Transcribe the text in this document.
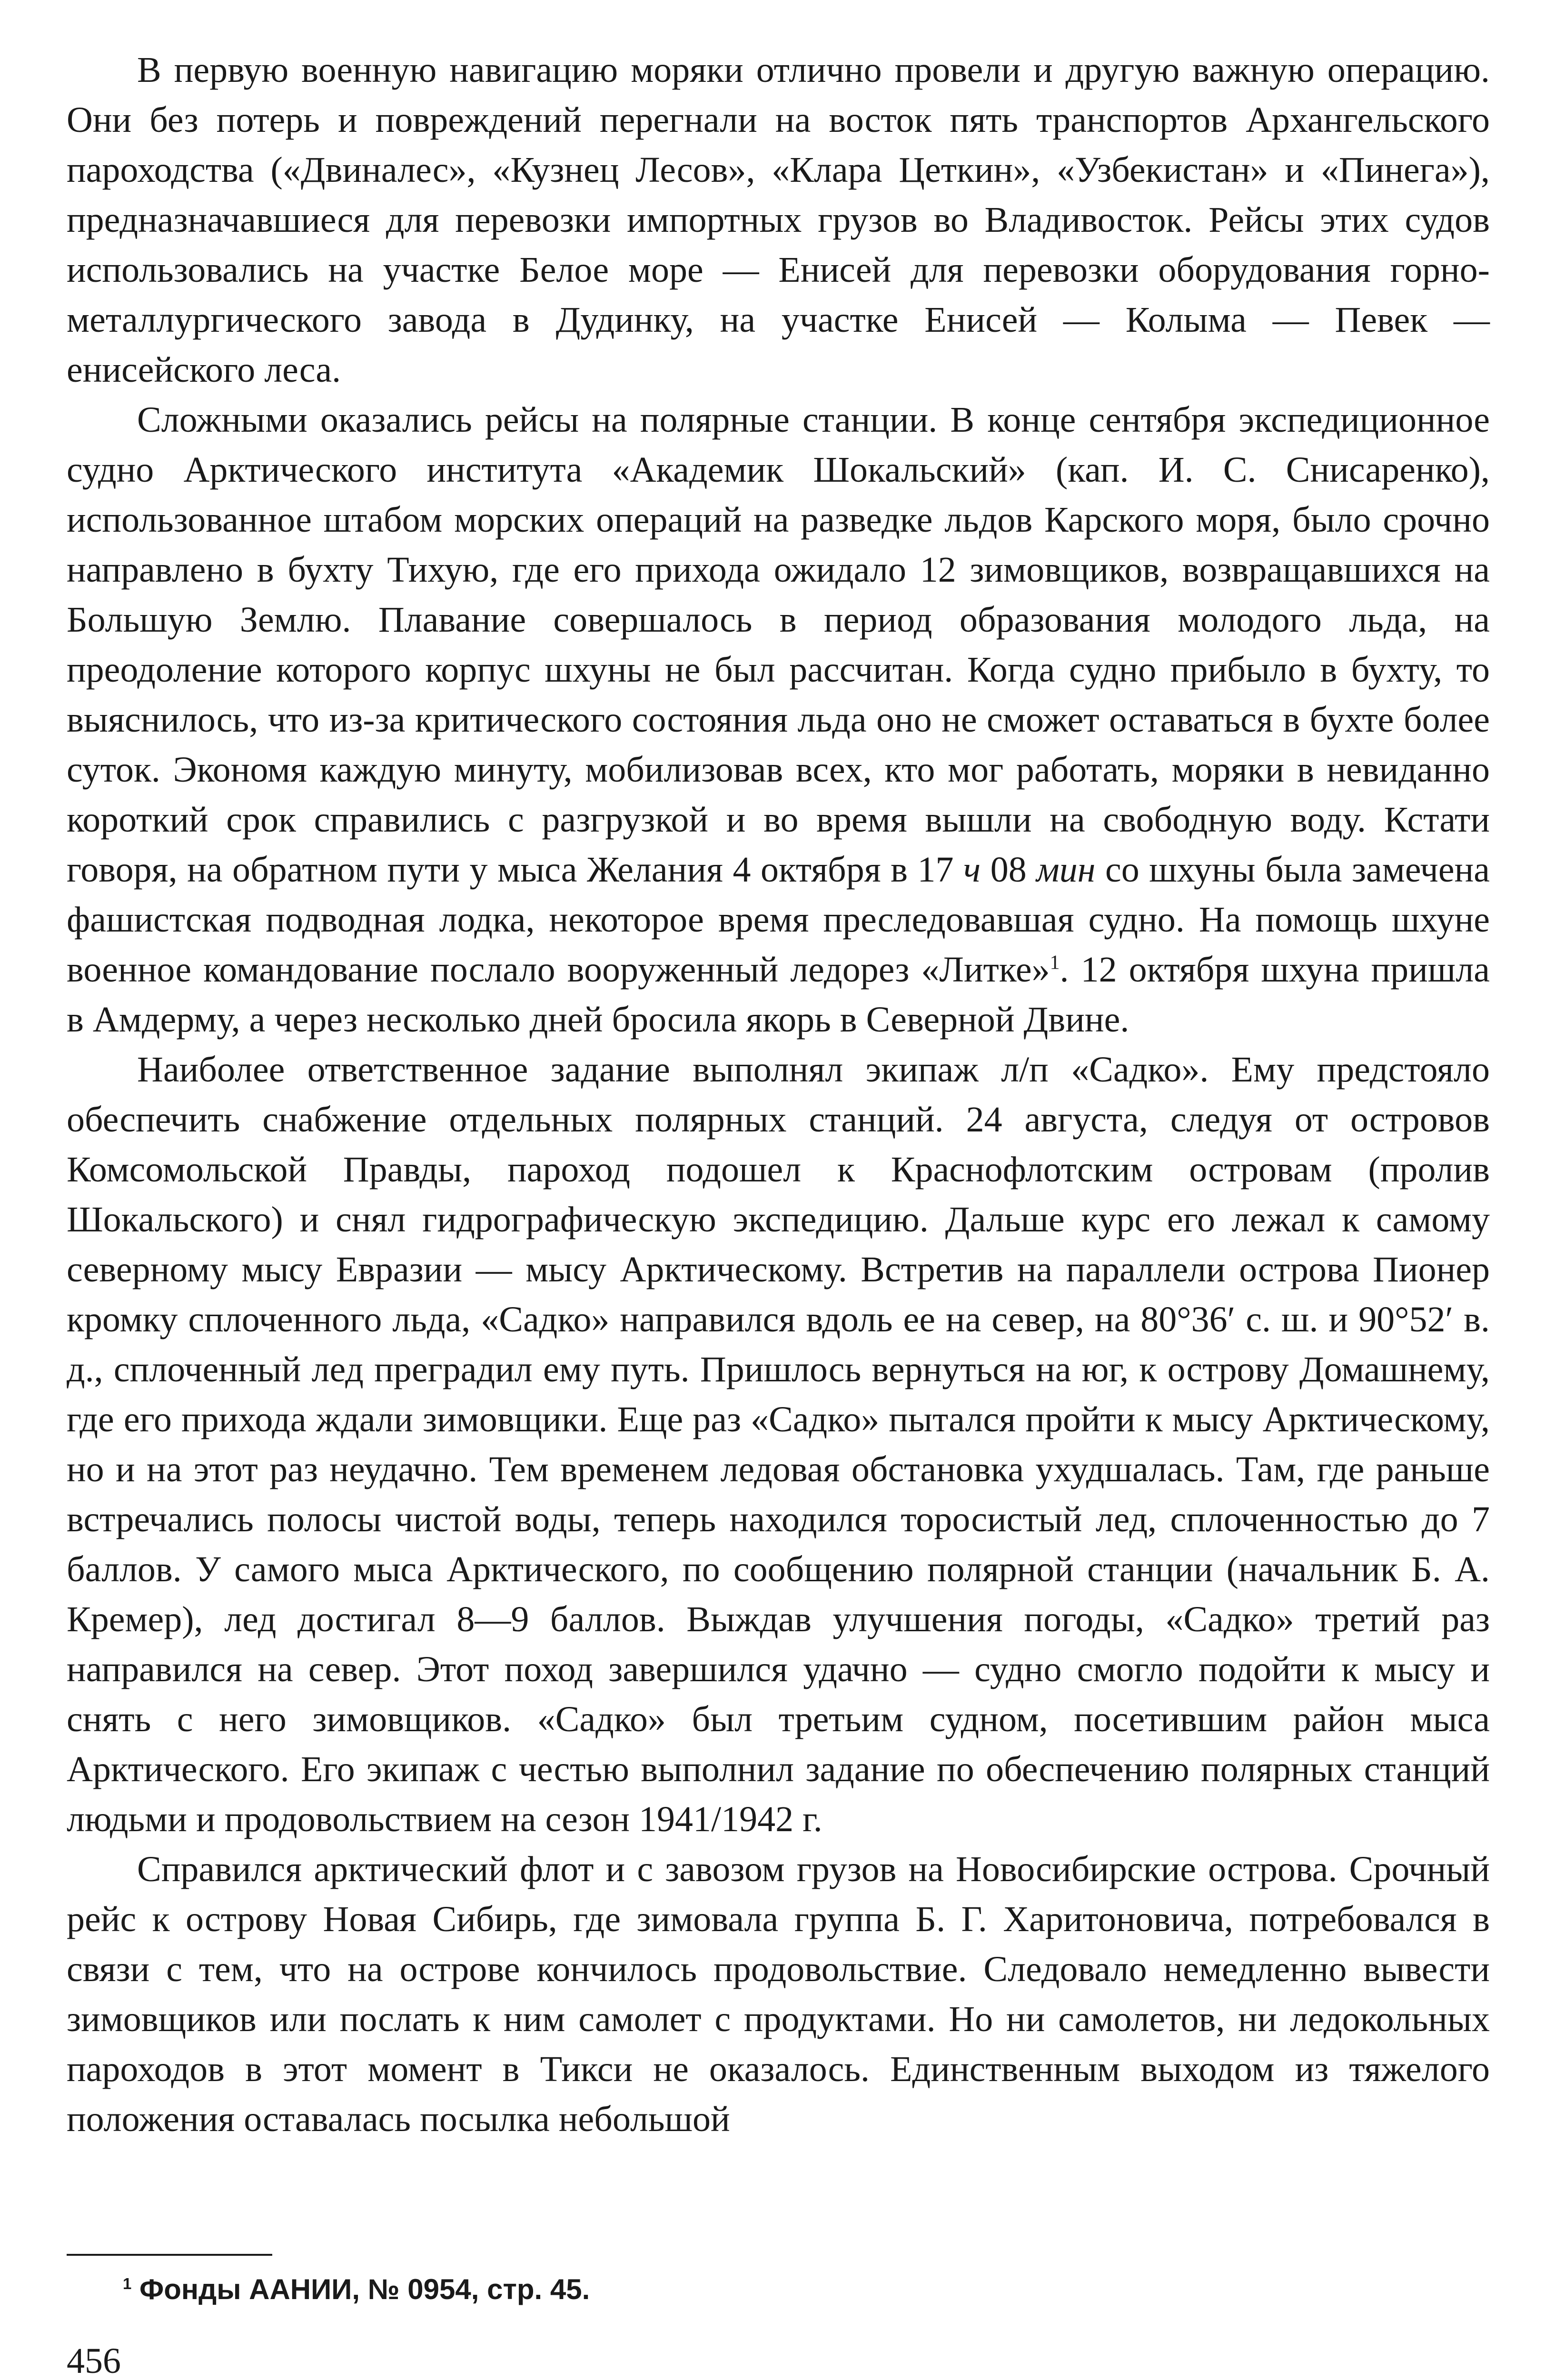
В первую военную навигацию моряки отлично провели и другую важную операцию. Они без потерь и повреждений перегнали на восток пять транспортов Архангельского пароходства («Двиналес», «Кузнец Лесов», «Клара Цеткин», «Узбекистан» и «Пинега»), предназначавшиеся для перевозки импортных грузов во Владивосток. Рейсы этих судов использовались на участке Белое море — Енисей для перевозки оборудования горно-металлургического завода в Дудинку, на участке Енисей — Колыма — Певек — енисейского леса.

Сложными оказались рейсы на полярные станции. В конце сентября экспедиционное судно Арктического института «Академик Шокальский» (кап. И. С. Снисаренко), использованное штабом морских операций на разведке льдов Карского моря, было срочно направлено в бухту Тихую, где его прихода ожидало 12 зимовщиков, возвращавшихся на Большую Землю. Плавание совершалось в период образования молодого льда, на преодоление которого корпус шхуны не был рассчитан. Когда судно прибыло в бухту, то выяснилось, что из-за критического состояния льда оно не сможет оставаться в бухте более суток. Экономя каждую минуту, мобилизовав всех, кто мог работать, моряки в невиданно короткий срок справились с разгрузкой и во время вышли на свободную воду. Кстати говоря, на обратном пути у мыса Желания 4 октября в 17 ч 08 мин со шхуны была замечена фашистская подводная лодка, некоторое время преследовавшая судно. На помощь шхуне военное командование послало вооруженный ледорез «Литке»$^1$. 12 октября шхуна пришла в Амдерму, а через несколько дней бросила якорь в Северной Двине.

Наиболее ответственное задание выполнял экипаж л/п «Садко». Ему предстояло обеспечить снабжение отдельных полярных станций. 24 августа, следуя от островов Комсомольской Правды, пароход подошел к Краснофлотским островам (пролив Шокальского) и снял гидрографическую экспедицию. Дальше курс его лежал к самому северному мысу Евразии — мысу Арктическому. Встретив на параллели острова Пионер кромку сплоченного льда, «Садко» направился вдоль ее на север, на 80°36′ с. ш. и 90°52′ в. д., сплоченный лед преградил ему путь. Пришлось вернуться на юг, к острову Домашнему, где его прихода ждали зимовщики. Еще раз «Садко» пытался пройти к мысу Арктическому, но и на этот раз неудачно. Тем временем ледовая обстановка ухудшалась. Там, где раньше встречались полосы чистой воды, теперь находился торосистый лед, сплоченностью до 7 баллов. У самого мыса Арктического, по сообщению полярной станции (начальник Б. А. Кремер), лед достигал 8—9 баллов. Выждав улучшения погоды, «Садко» третий раз направился на север. Этот поход завершился удачно — судно смогло подойти к мысу и снять с него зимовщиков. «Садко» был третьим судном, посетившим район мыса Арктического. Его экипаж с честью выполнил задание по обеспечению полярных станций людьми и продовольствием на сезон 1941/1942 г.

Справился арктический флот и с завозом грузов на Новосибирские острова. Срочный рейс к острову Новая Сибирь, где зимовала группа Б. Г. Харитоновича, потребовался в связи с тем, что на острове кончилось продовольствие. Следовало немедленно вывести зимовщиков или послать к ним самолет с продуктами. Но ни самолетов, ни ледокольных пароходов в этот момент в Тикси не оказалось. Единственным выходом из тяжелого положения оставалась посылка небольшой

$^1$ Фонды ААНИИ, № 0954, стр. 45.
456
